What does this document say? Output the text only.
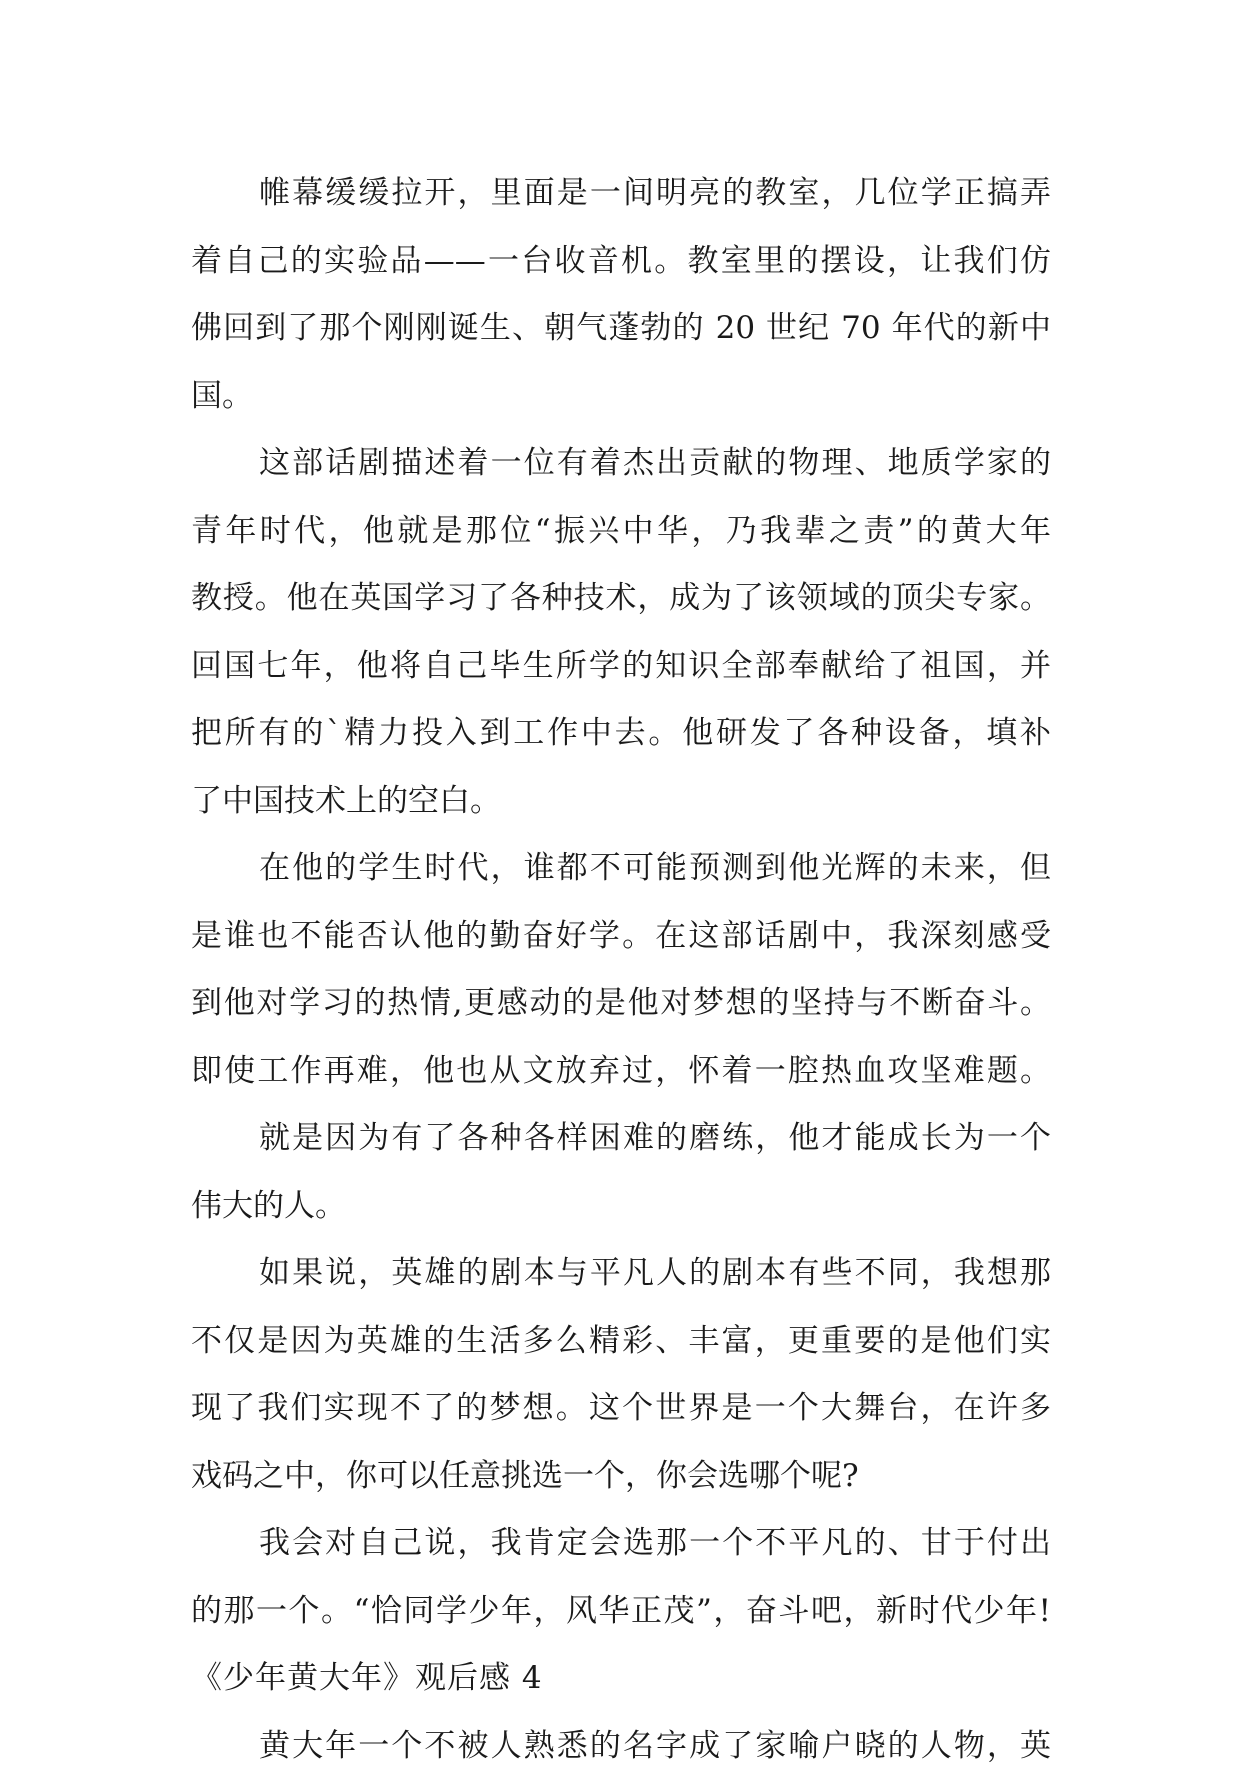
帷幕缓缓拉开，里面是一间明亮的教室，几位学正搞弄
着自己的实验品——一台收音机。教室里的摆设，让我们仿
佛回到了那个刚刚诞生、朝气蓬勃的 20 世纪 70 年代的新中
国。
这部话剧描述着一位有着杰出贡献的物理、地质学家的
青年时代，他就是那位“振兴中华，乃我辈之责”的黄大年
教授。他在英国学习了各种技术，成为了该领域的顶尖专家。
回国七年，他将自己毕生所学的知识全部奉献给了祖国，并
把所有的`精力投入到工作中去。他研发了各种设备，填补
了中国技术上的空白。
在他的学生时代，谁都不可能预测到他光辉的未来，但
是谁也不能否认他的勤奋好学。在这部话剧中，我深刻感受
到他对学习的热情,更感动的是他对梦想的坚持与不断奋斗。
即使工作再难，他也从文放弃过，怀着一腔热血攻坚难题。
就是因为有了各种各样困难的磨练，他才能成长为一个
伟大的人。
如果说，英雄的剧本与平凡人的剧本有些不同，我想那
不仅是因为英雄的生活多么精彩、丰富，更重要的是他们实
现了我们实现不了的梦想。这个世界是一个大舞台，在许多
戏码之中，你可以任意挑选一个，你会选哪个呢?
我会对自己说，我肯定会选那一个不平凡的、甘于付出
的那一个。“恰同学少年，风华正茂”，奋斗吧，新时代少年!
《少年黄大年》观后感 4
黄大年一个不被人熟悉的名字成了家喻户晓的人物，英
